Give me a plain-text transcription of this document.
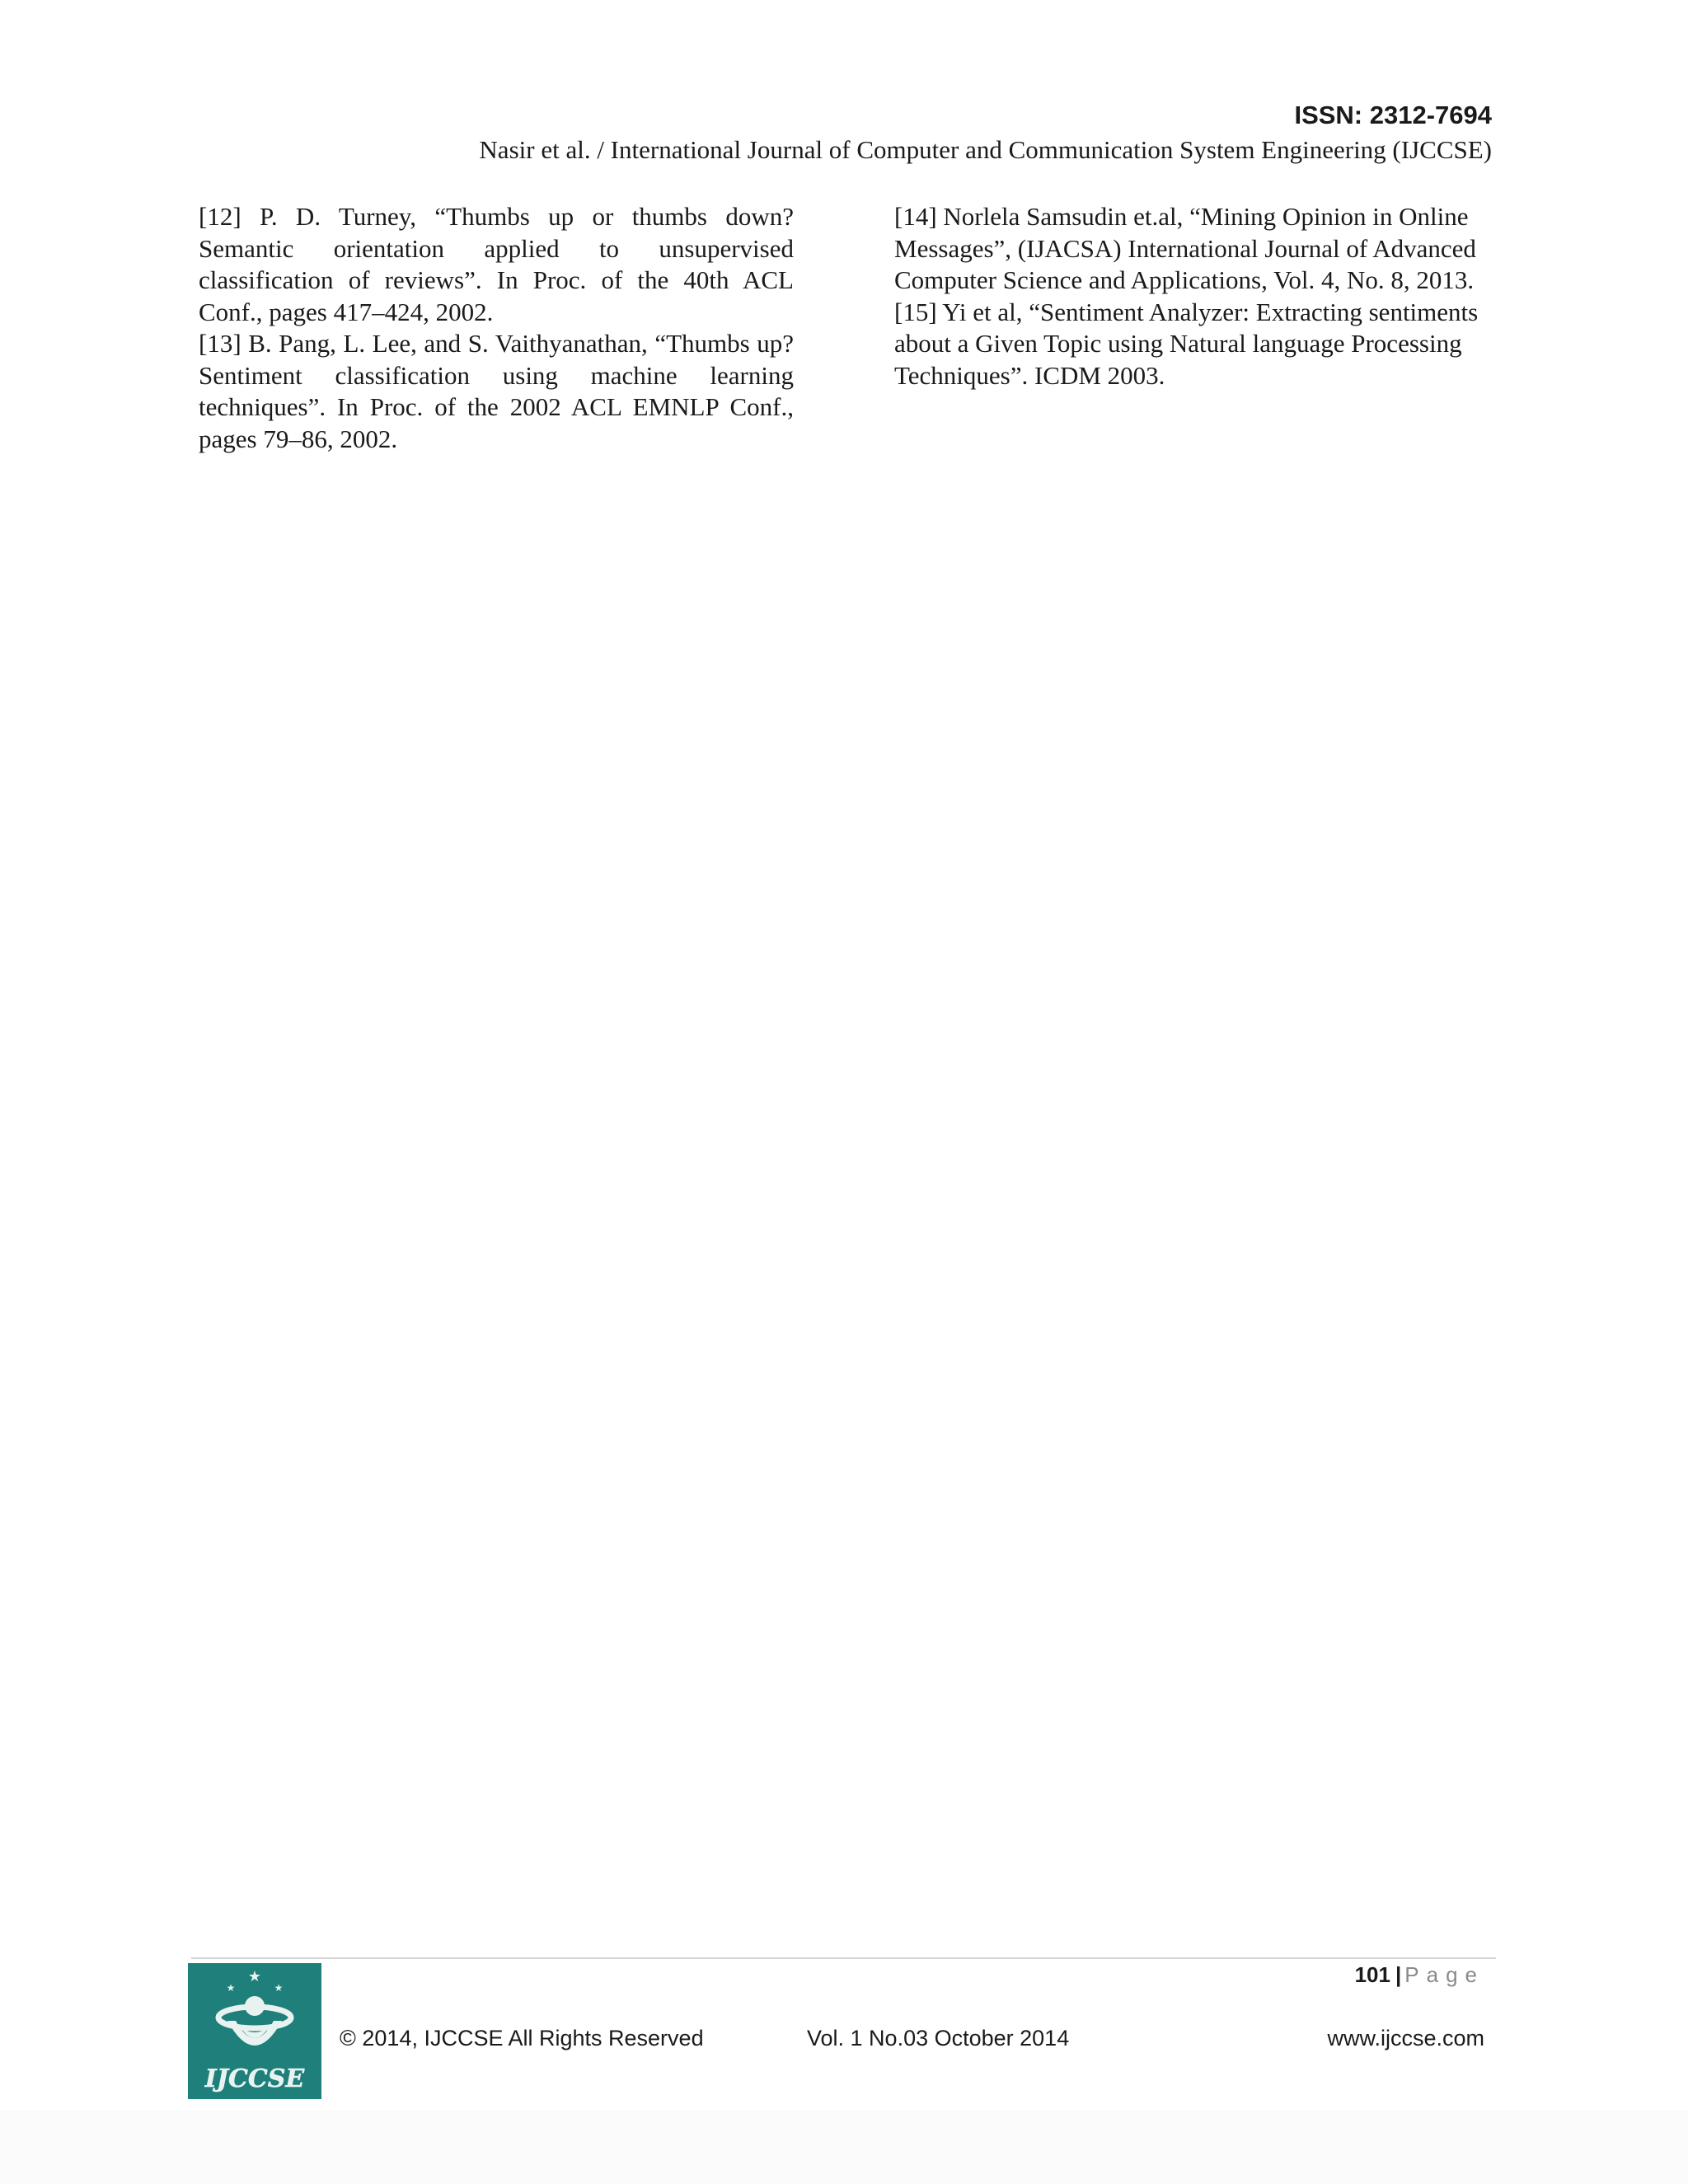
ISSN: 2312-7694
Nasir et al. / International Journal of Computer and Communication System Engineering (IJCCSE)

[12] P. D. Turney, “Thumbs up or thumbs down? Semantic orientation applied to unsupervised classification of reviews”. In Proc. of the 40th ACL Conf., pages 417–424, 2002.

[13] B. Pang, L. Lee, and S. Vaithyanathan, “Thumbs up? Sentiment classification using machine learning techniques”. In Proc. of the 2002 ACL EMNLP Conf., pages 79–86, 2002.

[14] Norlela Samsudin et.al, “Mining Opinion in Online Messages”, (IJACSA) International Journal of Advanced Computer Science and Applications, Vol. 4, No. 8, 2013.

[15] Yi et al, “Sentiment Analyzer: Extracting sentiments about a Given Topic using Natural language Processing Techniques”. ICDM 2003.

101 | Page
★
★	★
IJCCSE
© 2014, IJCCSE All Rights Reserved	Vol. 1 No.03 October 2014	www.ijccse.com
